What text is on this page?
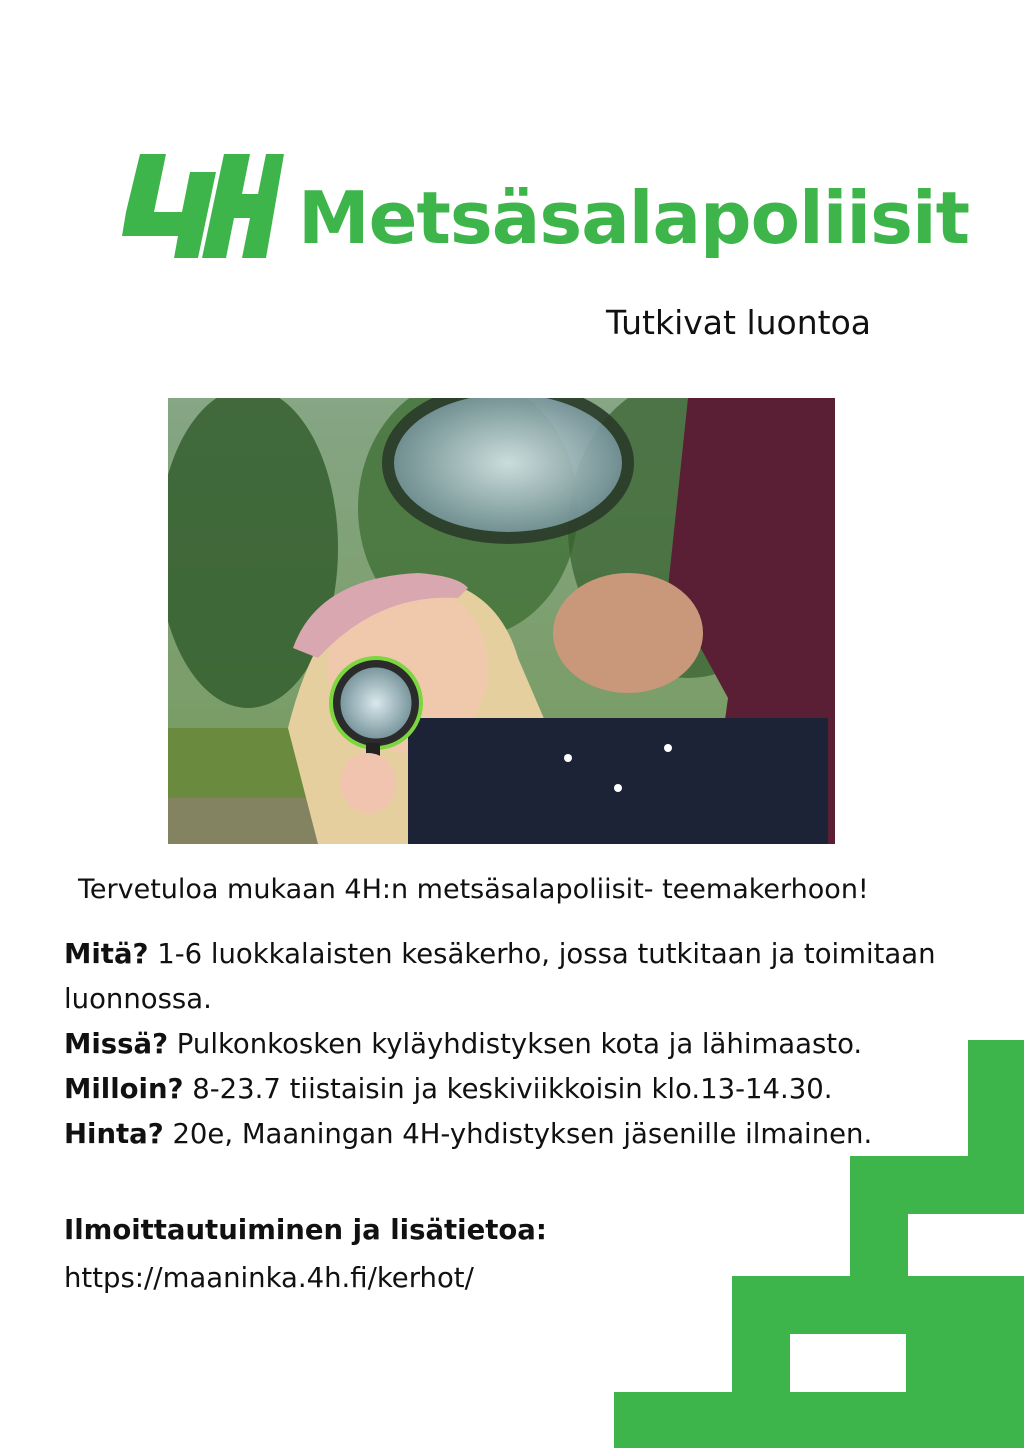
Metsäsalapoliisit

Tutkivat luontoa

Tervetuloa mukaan 4H:n metsäsalapoliisit- teemakerhoon!

Mitä? 1-6 luokkalaisten kesäkerho, jossa tutkitaan ja toimitaan

luonnossa.

Missä? Pulkonkosken kyläyhdistyksen kota ja lähimaasto.

Milloin? 8-23.7 tiistaisin ja keskiviikkoisin klo.13-14.30.

Hinta? 20e, Maaningan 4H-yhdistyksen jäsenille ilmainen.

Ilmoittautuiminen ja lisätietoa:

https://maaninka.4h.fi/kerhot/
